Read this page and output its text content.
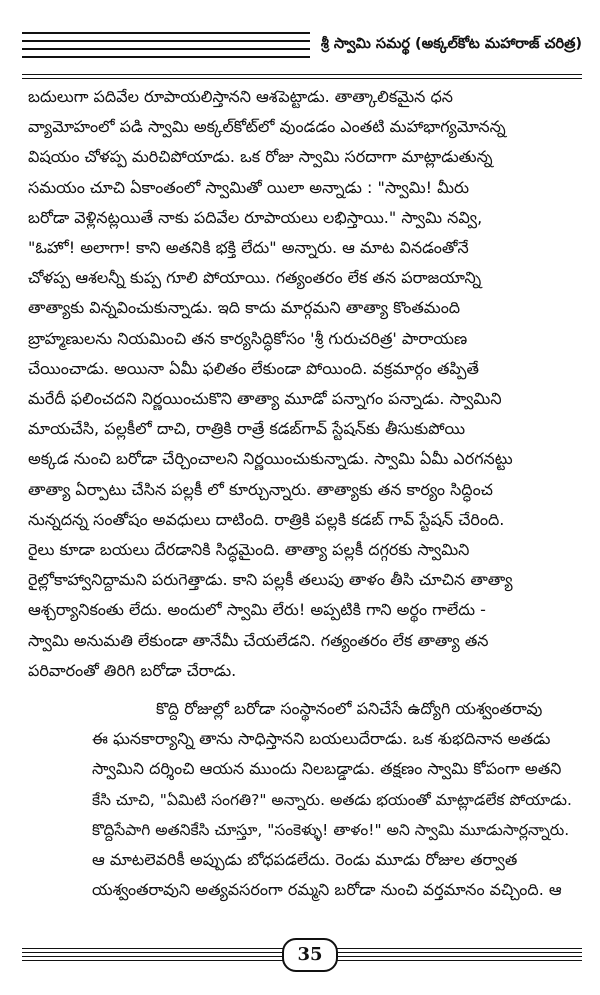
శ్రీ స్వామి సమర్థ (అక్కల్‌కోట మహారాజ్ చరిత్ర)

బదులుగా పదివేల రూపాయలిస్తానని ఆశపెట్టాడు. తాత్కాలికమైన ధన
వ్యామోహంలో పడి స్వామి అక్కల్‌కోట్‌లో వుండడం ఎంతటి మహాభాగ్యమోనన్న
విషయం చోళప్ప మరిచిపోయాడు. ఒక రోజు స్వామి సరదాగా మాట్లాడుతున్న
సమయం చూచి ఏకాంతంలో స్వామితో యిలా అన్నాడు : "స్వామి! మీరు
బరోడా వెళ్లినట్లయితే నాకు పదివేల రూపాయలు లభిస్తాయి." స్వామి నవ్వి,
"ఓహో! అలాగా! కాని అతనికి భక్తి లేదు" అన్నారు. ఆ మాట వినడంతోనే
చోళప్ప ఆశలన్నీ కుప్ప గూలి పోయాయి. గత్యంతరం లేక తన పరాజయాన్ని
తాత్యాకు విన్నవించుకున్నాడు. ఇది కాదు మార్గమని తాత్యా కొంతమంది
బ్రాహ్మణులను నియమించి తన కార్యసిద్ధికోసం 'శ్రీ గురుచరిత్ర' పారాయణ
చేయించాడు. అయినా ఏమీ ఫలితం లేకుండా పోయింది. వక్రమార్గం తప్పితే
మరేదీ ఫలించదని నిర్ణయించుకొని తాత్యా మూడో పన్నాగం పన్నాడు. స్వామిని
మాయచేసి, పల్లకీలో దాచి, రాత్రికి రాత్రే కడబ్‌గావ్ స్టేషన్‌కు తీసుకుపోయి
అక్కడ నుంచి బరోడా చేర్చించాలని నిర్ణయించుకున్నాడు. స్వామి ఏమీ ఎరగనట్టు
తాత్యా ఏర్పాటు చేసిన పల్లకీ లో కూర్చున్నారు. తాత్యాకు తన కార్యం సిద్ధించ
నున్నదన్న సంతోషం అవధులు దాటింది. రాత్రికి పల్లకి కడబ్ గావ్ స్టేషన్ చేరింది.
రైలు కూడా బయలు దేరడానికి సిద్ధమైంది. తాత్యా పల్లకీ దగ్గరకు స్వామిని
రైల్లోకాహ్వానిద్దామని పరుగెత్తాడు. కాని పల్లకీ తలుపు తాళం తీసి చూచిన తాత్యా
ఆశ్చర్యానికంతు లేదు. అందులో స్వామి లేరు! అప్పటికి గాని అర్థం గాలేదు -
స్వామి అనుమతి లేకుండా తానేమీ చేయలేడని. గత్యంతరం లేక తాత్యా తన
పరివారంతో తిరిగి బరోడా చేరాడు.

కొద్ది రోజుల్లో బరోడా సంస్థానంలో పనిచేసే ఉద్యోగి యశ్వంతరావు
ఈ ఘనకార్యాన్ని తాను సాధిస్తానని బయలుదేరాడు. ఒక శుభదినాన అతడు
స్వామిని దర్శించి ఆయన ముందు నిలబడ్డాడు. తక్షణం స్వామి కోపంగా అతని
కేసి చూచి, "ఏమిటి సంగతి?" అన్నారు. అతడు భయంతో మాట్లాడలేక పోయాడు.
కొద్దిసేపాగి అతనికేసి చూస్తూ, "సంకెళ్ళు! తాళం!" అని స్వామి మూడుసార్లన్నారు.
ఆ మాటలెవరికీ అప్పుడు బోధపడలేదు. రెండు మూడు రోజుల తర్వాత
యశ్వంతరావుని అత్యవసరంగా రమ్మని బరోడా నుంచి వర్తమానం వచ్చింది. ఆ

35
